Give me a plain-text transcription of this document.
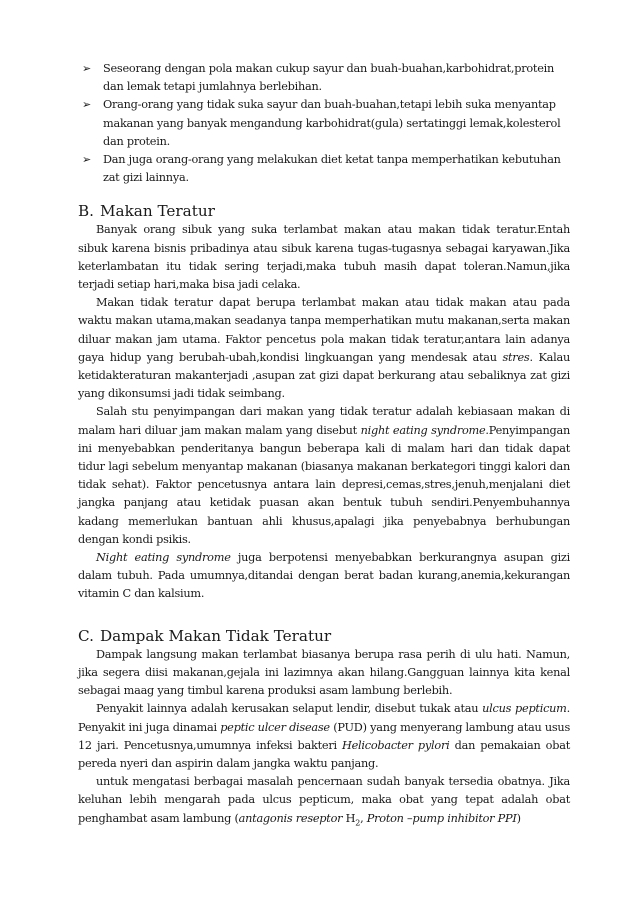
➢ Seseorang dengan pola makan cukup sayur dan buah-buahan,karbohidrat,protein dan lemak tetapi jumlahnya berlebihan.
➢ Orang-orang yang tidak suka sayur dan buah-buahan,tetapi lebih suka menyantap makanan yang banyak mengandung karbohidrat(gula) sertatinggi lemak,kolesterol dan protein.
➢ Dan juga orang-orang yang melakukan diet ketat tanpa memperhatikan kebutuhan zat gizi lainnya.
B. Makan Teratur

Banyak orang sibuk yang suka terlambat makan atau makan tidak teratur.Entah sibuk karena bisnis pribadinya atau sibuk karena tugas-tugasnya sebagai karyawan.Jika keterlambatan itu tidak sering terjadi,maka tubuh masih dapat toleran.Namun,jika terjadi setiap hari,maka bisa jadi celaka.

Makan tidak teratur dapat berupa terlambat makan atau tidak makan atau pada waktu makan utama,makan seadanya tanpa memperhatikan mutu makanan,serta makan diluar makan jam utama. Faktor pencetus pola makan tidak teratur,antara lain adanya gaya hidup yang berubah-ubah,kondisi lingkuangan yang mendesak atau stres. Kalau ketidakteraturan makanterjadi ,asupan zat gizi dapat berkurang atau sebaliknya zat gizi yang dikonsumsi jadi tidak seimbang.

Salah stu penyimpangan dari makan yang tidak teratur adalah kebiasaan makan di malam hari diluar jam makan malam yang disebut night eating syndrome.Penyimpangan ini menyebabkan penderitanya bangun beberapa kali di malam hari dan tidak dapat tidur lagi sebelum menyantap makanan (biasanya makanan berkategori tinggi kalori dan tidak sehat). Faktor pencetusnya antara lain depresi,cemas,stres,jenuh,menjalani diet jangka panjang atau ketidak puasan akan bentuk tubuh sendiri.Penyembuhannya kadang memerlukan bantuan ahli khusus,apalagi jika penyebabnya berhubungan dengan kondi psikis.

Night eating syndrome juga berpotensi menyebabkan berkurangnya asupan gizi dalam tubuh. Pada umumnya,ditandai dengan berat badan kurang,anemia,kekurangan vitamin C dan kalsium.

C. Dampak Makan Tidak Teratur

Dampak langsung makan terlambat biasanya berupa rasa perih di ulu hati. Namun, jika segera diisi makanan,gejala ini lazimnya akan hilang.Gangguan lainnya kita kenal sebagai maag yang timbul karena produksi asam lambung berlebih.

Penyakit lainnya adalah kerusakan selaput lendir, disebut tukak atau ulcus pepticum. Penyakit ini juga dinamai peptic ulcer disease (PUD) yang menyerang lambung atau usus 12 jari. Pencetusnya,umumnya infeksi bakteri Helicobacter pylori dan pemakaian obat pereda nyeri dan aspirin dalam jangka waktu panjang.

untuk mengatasi berbagai masalah pencernaan sudah banyak tersedia obatnya. Jika keluhan lebih mengarah pada ulcus pepticum, maka obat yang tepat adalah obat penghambat asam lambung (antagonis reseptor $H_2$, Proton –pump inhibitor PPI)
